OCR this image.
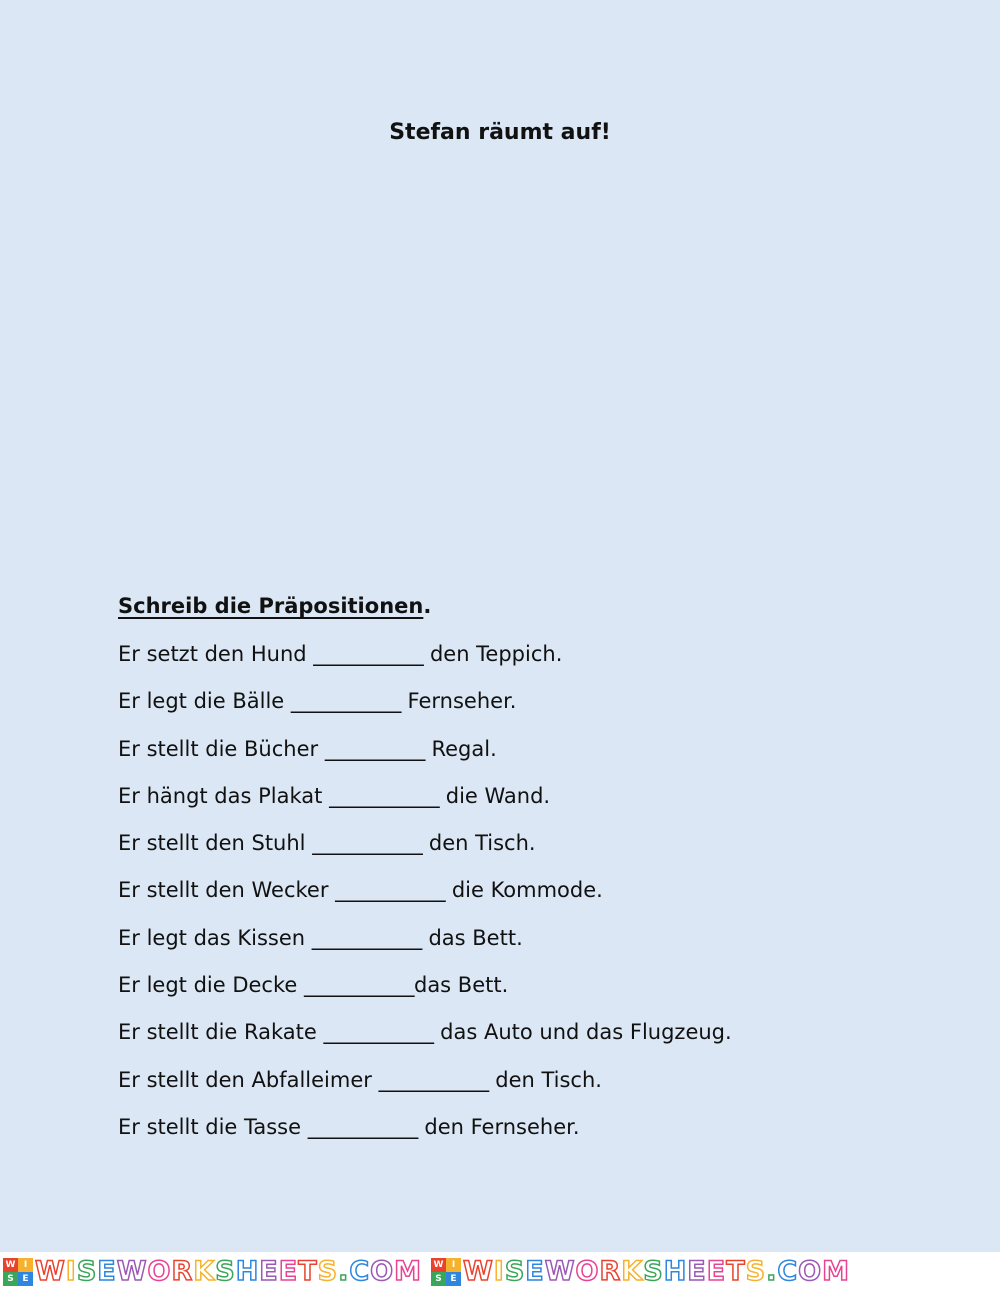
Stefan räumt auf!
Schreib die Präpositionen.
Er setzt den Hund ___________ den Teppich.
Er legt die Bälle ___________ Fernseher.
Er stellt die Bücher __________ Regal.
Er hängt das Plakat ___________ die Wand.
Er stellt den Stuhl ___________ den Tisch.
Er stellt den Wecker ___________ die Kommode.
Er legt das Kissen ___________ das Bett.
Er legt die Decke ___________das Bett.
Er stellt die Rakate ___________ das Auto und das Flugzeug.
Er stellt den Abfalleimer ___________ den Tisch.
Er stellt die Tasse ___________ den Fernseher.
W I
S E W I S E W O R K S H E E T S . C O M W I
S E W I S E W O R K S H E E T S . C O M
